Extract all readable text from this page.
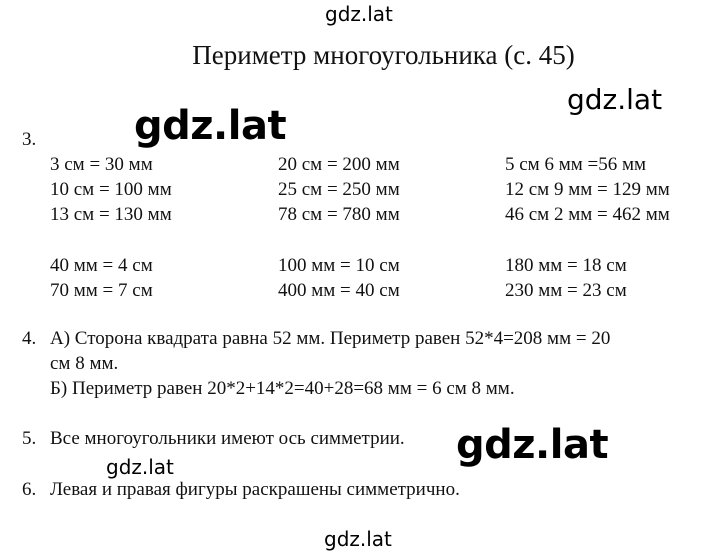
Периметр многоугольника (с. 45)
3.
3 см = 30 мм
10 см = 100 мм
13 см = 130 мм
40 мм = 4 см
70 мм = 7 см
20 см = 200 мм
25 см = 250 мм
78 см = 780 мм
100 мм = 10 см
400 мм = 40 см
5 см 6 мм =56 мм
12 см 9 мм = 129 мм
46 см 2 мм = 462 мм
180 мм = 18 см
230 мм = 23 см
4. А) Сторона квадрата равна 52 мм. Периметр равен 52*4=208 мм = 20
см 8 мм.
Б) Периметр равен 20*2+14*2=40+28=68 мм = 6 см 8 мм.
5. Все многоугольники имеют ось симметрии.
6. Левая и правая фигуры раскрашены симметрично.
gdz.lat
gdz.lat
gdz.lat
gdz.lat
gdz.lat
gdz.lat
